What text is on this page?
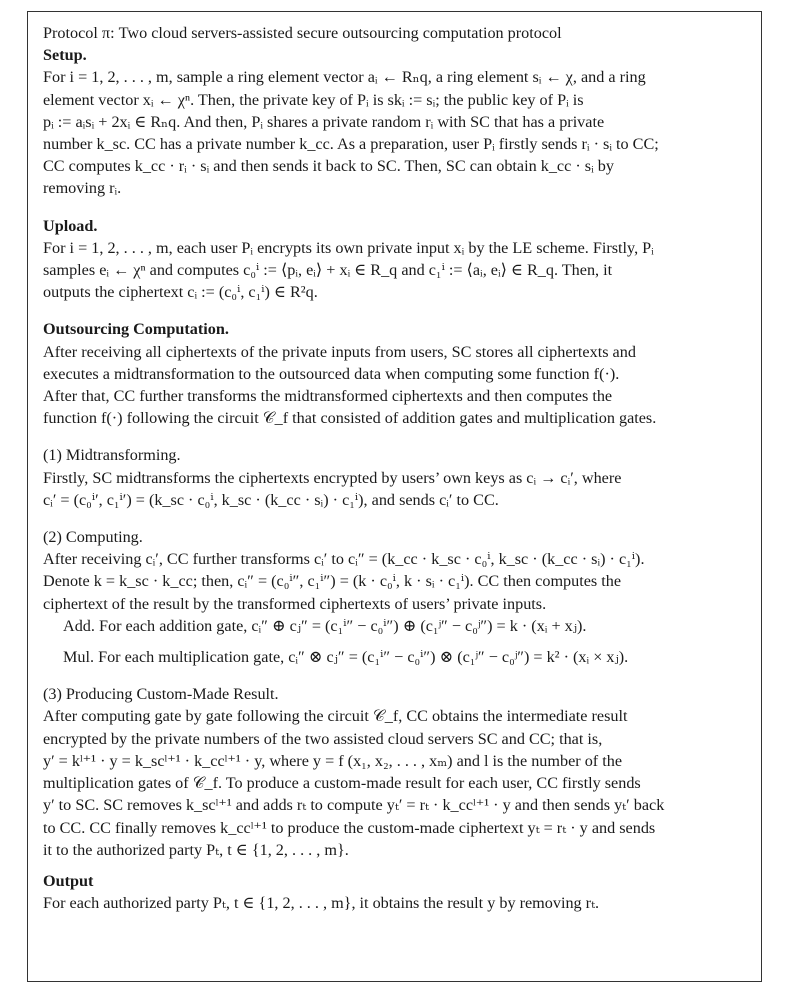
Protocol π: Two cloud servers-assisted secure outsourcing computation protocol

Setup.

For i = 1, 2, . . . , m, sample a ring element vector aᵢ ← Rₙq, a ring element sᵢ ← χ, and a ring

element vector xᵢ ← χⁿ. Then, the private key of Pᵢ is skᵢ := sᵢ; the public key of Pᵢ is

pᵢ := aᵢsᵢ + 2xᵢ ∈ Rₙq. And then, Pᵢ shares a private random rᵢ with SC that has a private

number k_sc. CC has a private number k_cc. As a preparation, user Pᵢ firstly sends rᵢ · sᵢ to CC;

CC computes k_cc · rᵢ · sᵢ and then sends it back to SC. Then, SC can obtain k_cc · sᵢ by

removing rᵢ.

Upload.

For i = 1, 2, . . . , m, each user Pᵢ encrypts its own private input xᵢ by the LE scheme. Firstly, Pᵢ

samples eᵢ ← χⁿ and computes c₀ⁱ := ⟨pᵢ, eᵢ⟩ + xᵢ ∈ R_q and c₁ⁱ := ⟨aᵢ, eᵢ⟩ ∈ R_q. Then, it

outputs the ciphertext cᵢ := (c₀ⁱ, c₁ⁱ) ∈ R²q.

Outsourcing Computation.

After receiving all ciphertexts of the private inputs from users, SC stores all ciphertexts and

executes a midtransformation to the outsourced data when computing some function f(·).

After that, CC further transforms the midtransformed ciphertexts and then computes the

function f(·) following the circuit 𝒞_f that consisted of addition gates and multiplication gates.

(1) Midtransforming.

Firstly, SC midtransforms the ciphertexts encrypted by users’ own keys as cᵢ → cᵢ′, where

cᵢ′ = (c₀ⁱ′, c₁ⁱ′) = (k_sc · c₀ⁱ, k_sc · (k_cc · sᵢ) · c₁ⁱ), and sends cᵢ′ to CC.

(2) Computing.

After receiving cᵢ′, CC further transforms cᵢ′ to cᵢ″ = (k_cc · k_sc · c₀ⁱ, k_sc · (k_cc · sᵢ) · c₁ⁱ).

Denote k = k_sc · k_cc; then, cᵢ″ = (c₀ⁱ″, c₁ⁱ″) = (k · c₀ⁱ, k · sᵢ · c₁ⁱ). CC then computes the

ciphertext of the result by the transformed ciphertexts of users’ private inputs.

Add. For each addition gate, cᵢ″ ⊕ cⱼ″ = (c₁ⁱ″ − c₀ⁱ″) ⊕ (c₁ʲ″ − c₀ʲ″) = k · (xᵢ + xⱼ).

Mul. For each multiplication gate, cᵢ″ ⊗ cⱼ″ = (c₁ⁱ″ − c₀ⁱ″) ⊗ (c₁ʲ″ − c₀ʲ″) = k² · (xᵢ × xⱼ).

(3) Producing Custom-Made Result.

After computing gate by gate following the circuit 𝒞_f, CC obtains the intermediate result

encrypted by the private numbers of the two assisted cloud servers SC and CC; that is,

y′ = kˡ⁺¹ · y = k_scˡ⁺¹ · k_ccˡ⁺¹ · y, where y = f (x₁, x₂, . . . , xₘ) and l is the number of the

multiplication gates of 𝒞_f. To produce a custom-made result for each user, CC firstly sends

y′ to SC. SC removes k_scˡ⁺¹ and adds rₜ to compute yₜ′ = rₜ · k_ccˡ⁺¹ · y and then sends yₜ′ back

to CC. CC finally removes k_ccˡ⁺¹ to produce the custom-made ciphertext yₜ = rₜ · y and sends

it to the authorized party Pₜ, t ∈ {1, 2, . . . , m}.

Output

For each authorized party Pₜ, t ∈ {1, 2, . . . , m}, it obtains the result y by removing rₜ.
